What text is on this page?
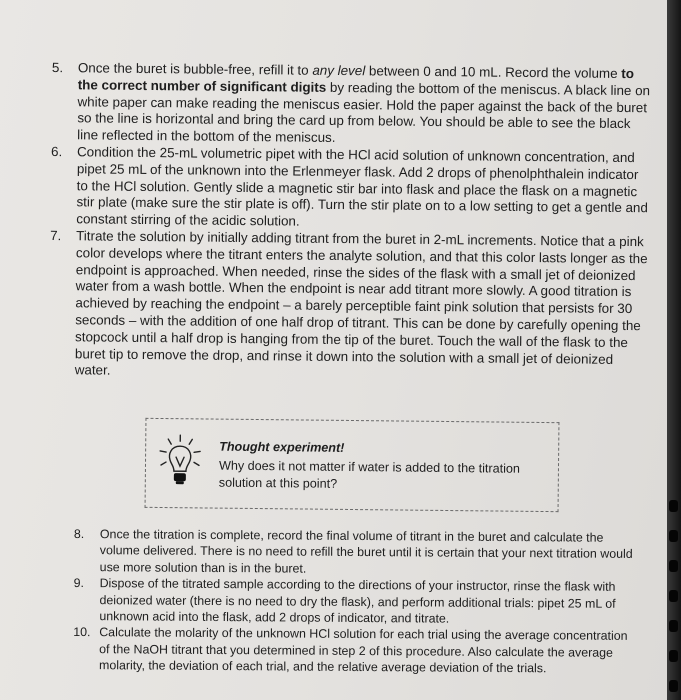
5. Once the buret is bubble-free, refill it to any level between 0 and 10 mL. Record the volume to the correct number of significant digits by reading the bottom of the meniscus. A black line on white paper can make reading the meniscus easier. Hold the paper against the back of the buret so the line is horizontal and bring the card up from below. You should be able to see the black line reflected in the bottom of the meniscus.
6. Condition the 25-mL volumetric pipet with the HCl acid solution of unknown concentration, and pipet 25 mL of the unknown into the Erlenmeyer flask. Add 2 drops of phenolphthalein indicator to the HCl solution. Gently slide a magnetic stir bar into flask and place the flask on a magnetic stir plate (make sure the stir plate is off). Turn the stir plate on to a low setting to get a gentle and constant stirring of the acidic solution.
7. Titrate the solution by initially adding titrant from the buret in 2-mL increments. Notice that a pink color develops where the titrant enters the analyte solution, and that this color lasts longer as the endpoint is approached. When needed, rinse the sides of the flask with a small jet of deionized water from a wash bottle. When the endpoint is near add titrant more slowly. A good titration is achieved by reaching the endpoint – a barely perceptible faint pink solution that persists for 30 seconds – with the addition of one half drop of titrant. This can be done by carefully opening the stopcock until a half drop is hanging from the tip of the buret. Touch the wall of the flask to the buret tip to remove the drop, and rinse it down into the solution with a small jet of deionized water.
Thought experiment!
Why does it not matter if water is added to the titration solution at this point?
8. Once the titration is complete, record the final volume of titrant in the buret and calculate the volume delivered. There is no need to refill the buret until it is certain that your next titration would use more solution than is in the buret.
9. Dispose of the titrated sample according to the directions of your instructor, rinse the flask with deionized water (there is no need to dry the flask), and perform additional trials: pipet 25 mL of unknown acid into the flask, add 2 drops of indicator, and titrate.
10. Calculate the molarity of the unknown HCl solution for each trial using the average concentration of the NaOH titrant that you determined in step 2 of this procedure. Also calculate the average molarity, the deviation of each trial, and the relative average deviation of the trials.
